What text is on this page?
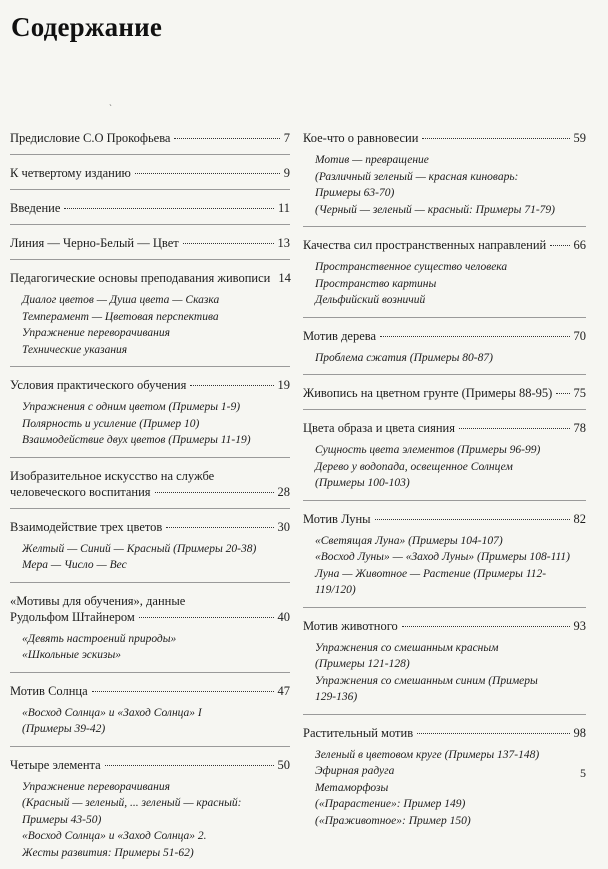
Содержание
ˋ
Предисловие С.О Прокофьева	7
К четвертому изданию	9
Введение	11
Линия — Черно-Белый — Цвет	13
Педагогические основы преподавания живописи 14
Диалог цветов — Душа цвета — Сказка
Темперамент — Цветовая перспектива
Упражнение переворачивания
Технические указания
Условия практического обучения	19
Упражнения с одним цветом (Примеры 1-9)
Полярность и усиление (Пример 10)
Взаимодействие двух цветов (Примеры 11-19)
Изобразительное искусство на службе
человеческого воспитания	28
Взаимодействие трех цветов	30
Желтый — Синий — Красный (Примеры 20-38)
Мера — Число — Вес
«Мотивы для обучения», данные
Рудольфом Штайнером	40
«Девять настроений природы»
«Школьные эскизы»
Мотив Солнца	47
«Восход Солнца» и «Заход Солнца» I
(Примеры 39-42)
Четыре элемента	50
Упражнение переворачивания
(Красный — зеленый, ... зеленый — красный:
Примеры 43-50)
«Восход Солнца» и «Заход Солнца» 2.
Жесты развития: Примеры 51-62)
Кое-что о равновесии	59
Мотив — превращение
(Различный зеленый — красная киноварь:
Примеры 63-70)
(Черный — зеленый — красный: Примеры 71-79)
Качества сил пространственных направлений 66
Пространственное существо человека
Пространство картины
Дельфийский возничий
Мотив дерева	70
Проблема сжатия (Примеры 80-87)
Живопись на цветном грунте (Примеры 88-95) 75
Цвета образа и цвета сияния	78
Сущность цвета элементов (Примеры 96-99)
Дерево у водопада, освещенное Солнцем
(Примеры 100-103)
Мотив Луны	82
«Светящая Луна» (Примеры 104-107)
«Восход Луны» — «Заход Луны» (Примеры 108-111)
Луна — Животное — Растение (Примеры 112-
119/120)
Мотив животного	93
Упражнения со смешанным красным
(Примеры 121-128)
Упражнения со смешанным синим (Примеры
129-136)
Растительный мотив	98
Зеленый в цветовом круге (Примеры 137-148)
Эфирная радуга
Метаморфозы
(«Прарастение»: Пример 149)
(«Праживотное»: Пример 150)
5
